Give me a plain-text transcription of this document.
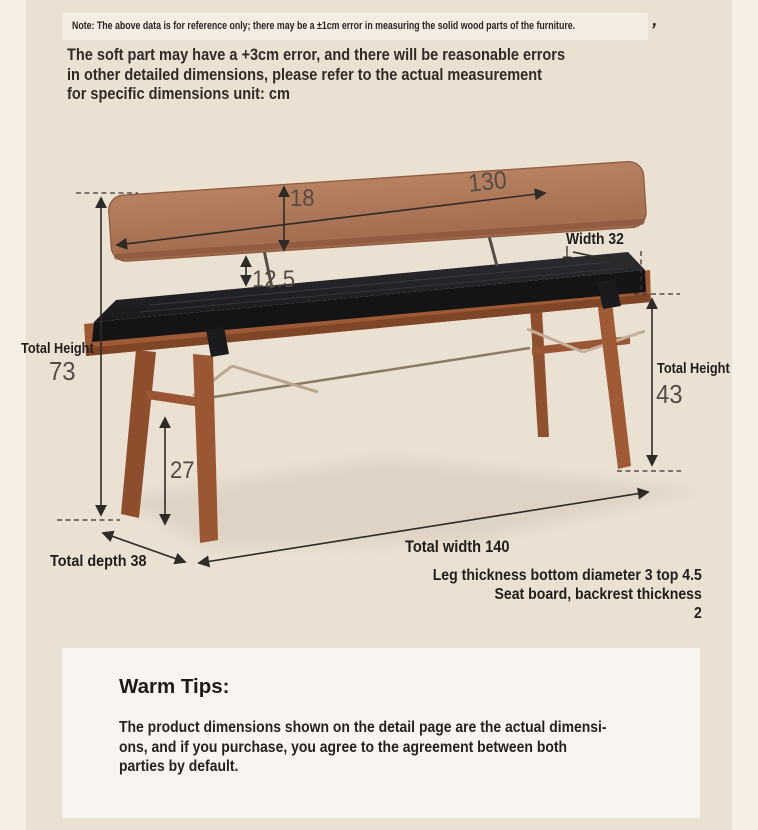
Note: The above data is for reference only; there may be a ±1cm error in measuring the solid wood parts of the furniture.	’
The soft part may have a +3cm error, and there will be reasonable errors
in other detailed dimensions, please refer to the actual measurement
for specific dimensions unit: cm
18
130
12.5
Width 32
Total Height
73	Total Height
43
27
Total depth 38
Total width 140
Leg thickness bottom diameter 3 top 4.5
Seat board, backrest thickness
2
Warm Tips:
The product dimensions shown on the detail page are the actual dimensi-
ons, and if you purchase, you agree to the agreement between both
parties by default.
